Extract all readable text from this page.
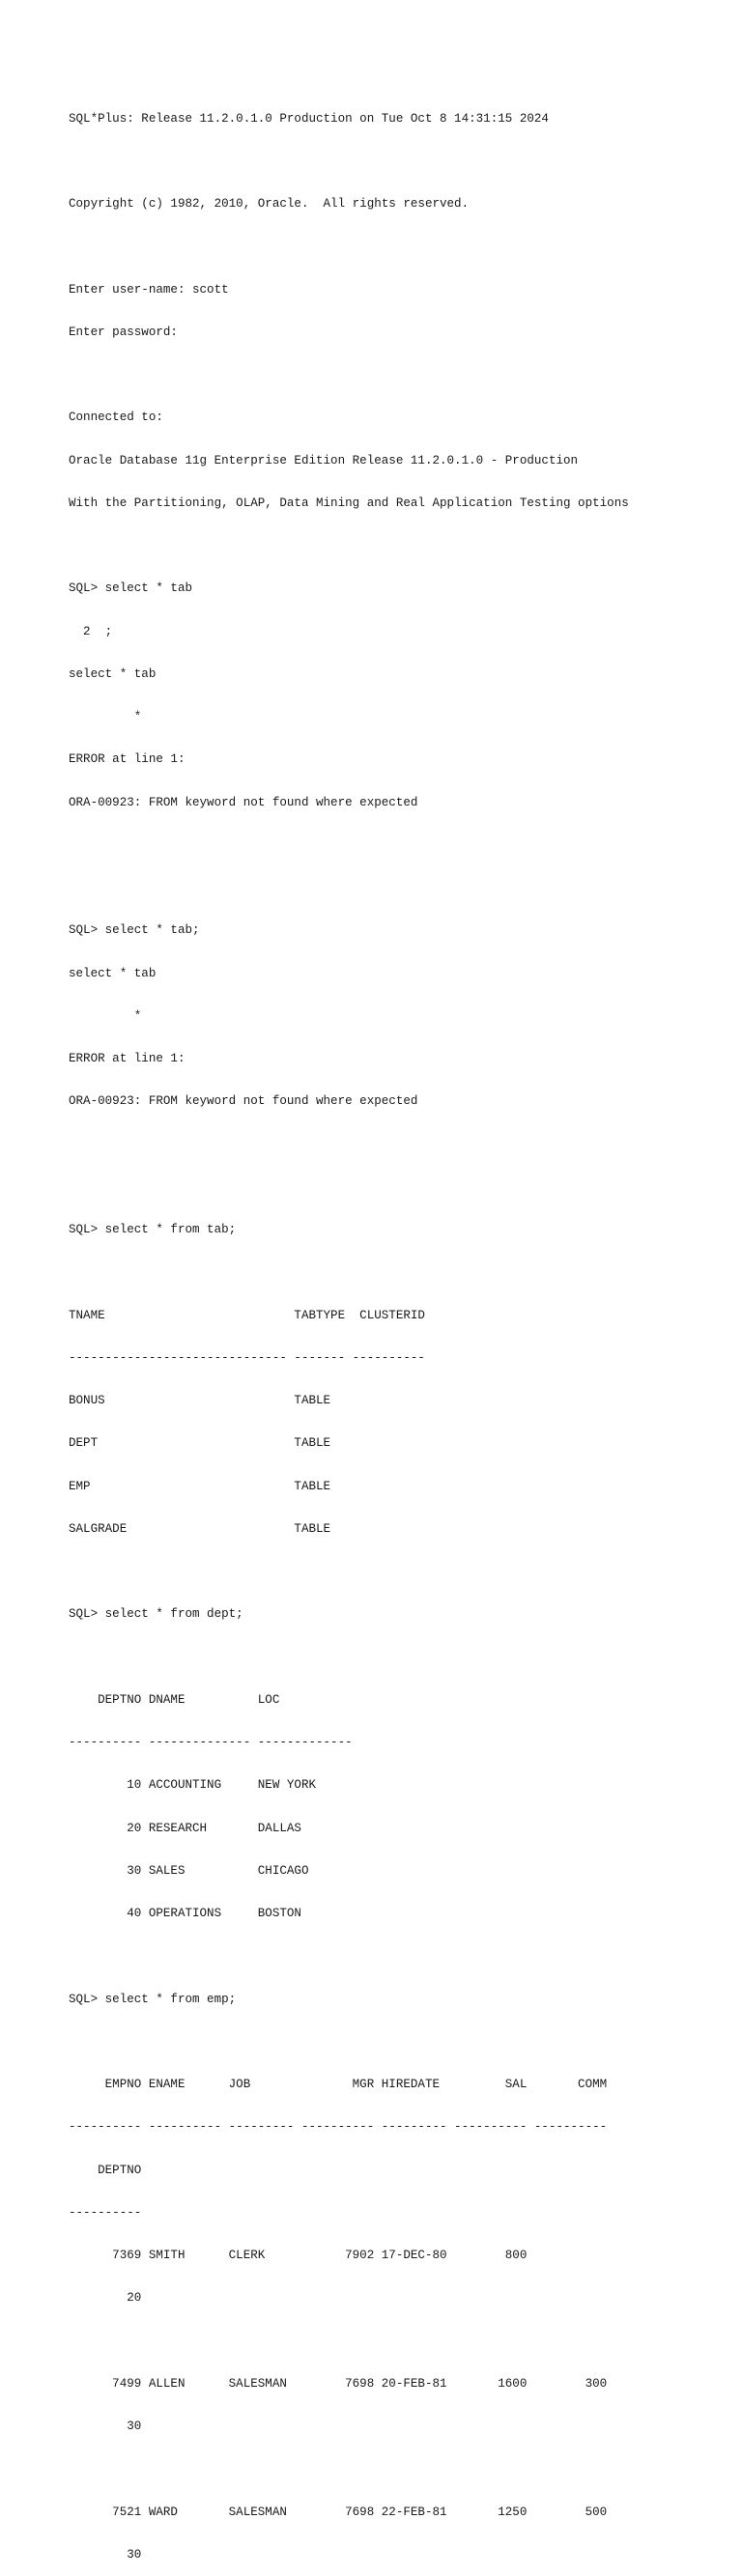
SQL*Plus: Release 11.2.0.1.0 Production on Tue Oct 8 14:31:15 2024

Copyright (c) 1982, 2010, Oracle.  All rights reserved.

Enter user-name: scott

Enter password:

Connected to:

Oracle Database 11g Enterprise Edition Release 11.2.0.1.0 - Production

With the Partitioning, OLAP, Data Mining and Real Application Testing options

SQL> select * tab

2  ;

select * tab

*

ERROR at line 1:

ORA-00923: FROM keyword not found where expected

SQL> select * tab;

select * tab

*

ERROR at line 1:

ORA-00923: FROM keyword not found where expected

SQL> select * from tab;

TNAME                          TABTYPE  CLUSTERID

------------------------------ ------- ----------

BONUS                          TABLE

DEPT                           TABLE

EMP                            TABLE

SALGRADE                       TABLE

SQL> select * from dept;

DEPTNO DNAME          LOC

---------- -------------- -------------

10 ACCOUNTING     NEW YORK

20 RESEARCH       DALLAS

30 SALES          CHICAGO

40 OPERATIONS     BOSTON

SQL> select * from emp;

EMPNO ENAME      JOB              MGR HIREDATE         SAL       COMM

---------- ---------- --------- ---------- --------- ---------- ----------

DEPTNO

----------

7369 SMITH      CLERK           7902 17-DEC-80        800

20

7499 ALLEN      SALESMAN        7698 20-FEB-81       1600        300

30

7521 WARD       SALESMAN        7698 22-FEB-81       1250        500

30
